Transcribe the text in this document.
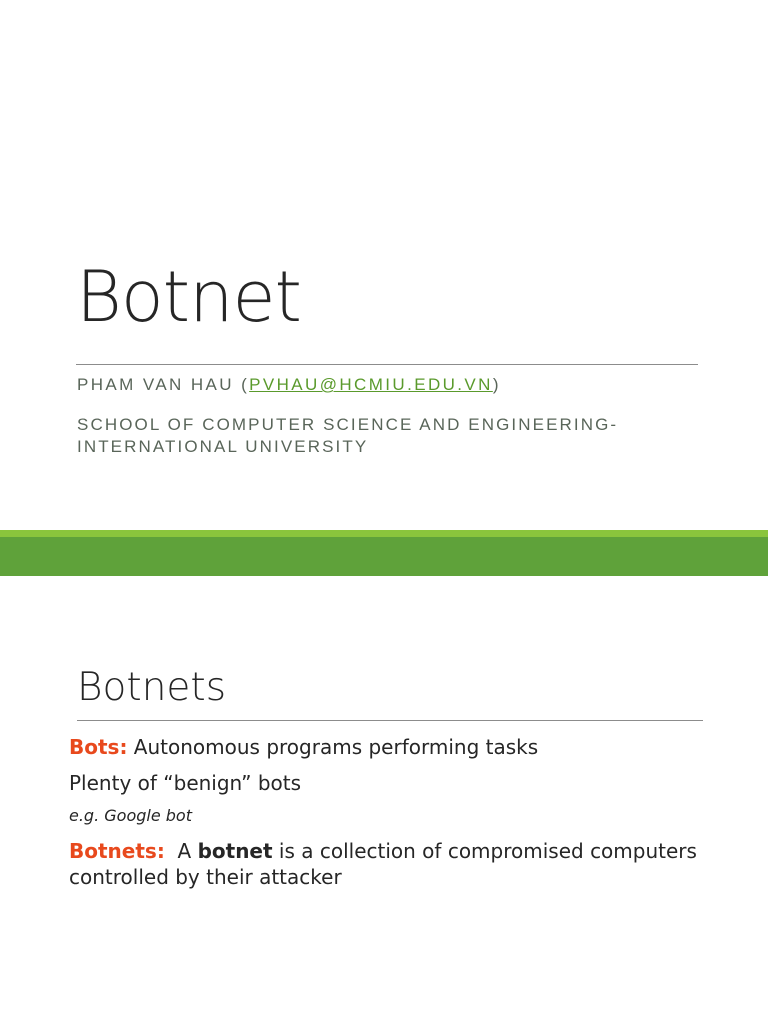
Botnet
PHAM VAN HAU (PVHAU@HCMIU.EDU.VN)
SCHOOL OF COMPUTER SCIENCE AND ENGINEERING-INTERNATIONAL UNIVERSITY
Botnets

Bots: Autonomous programs performing tasks

Plenty of “benign” bots

e.g. Google bot

Botnets:  A botnet is a collection of compromised computers controlled by their attacker
